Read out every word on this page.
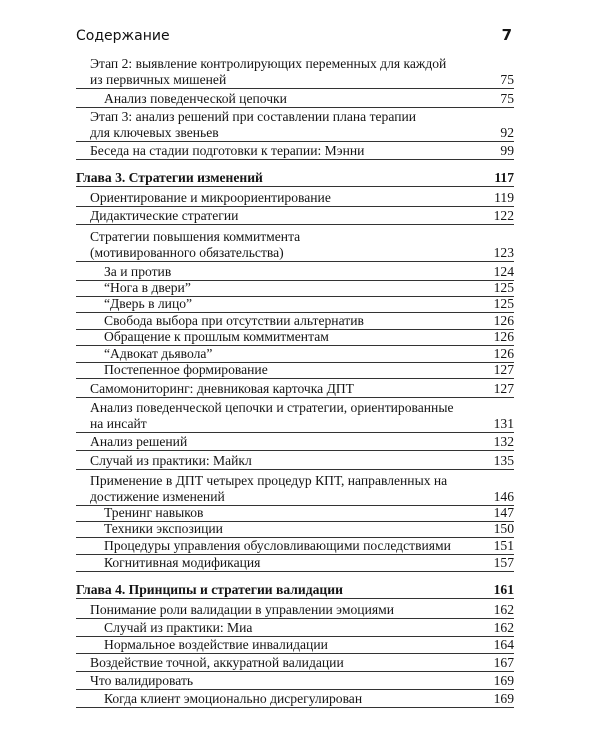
Содержание	7
Этап 2: выявление контролирующих переменных для каждой
из первичных мишеней	75
Анализ поведенческой цепочки	75
Этап 3: анализ решений при составлении плана терапии
для ключевых звеньев	92
Беседа на стадии подготовки к терапии: Мэнни	99
Глава 3. Стратегии изменений	117
Ориентирование и микроориентирование	119
Дидактические стратегии	122
Стратегии повышения коммитмента
(мотивированного обязательства)	123
За и против	124
“Нога в двери”	125
“Дверь в лицо”	125
Свобода выбора при отсутствии альтернатив	126
Обращение к прошлым коммитментам	126
“Адвокат дьявола”	126
Постепенное формирование	127
Самомониторинг: дневниковая карточка ДПТ	127
Анализ поведенческой цепочки и стратегии, ориентированные
на инсайт	131
Анализ решений	132
Случай из практики: Майкл	135
Применение в ДПТ четырех процедур КПТ, направленных на
достижение изменений	146
Тренинг навыков	147
Техники экспозиции	150
Процедуры управления обусловливающими последствиями	151
Когнитивная модификация	157
Глава 4. Принципы и стратегии валидации	161
Понимание роли валидации в управлении эмоциями	162
Случай из практики: Миа	162
Нормальное воздействие инвалидации	164
Воздействие точной, аккуратной валидации	167
Что валидировать	169
Когда клиент эмоционально дисрегулирован	169
